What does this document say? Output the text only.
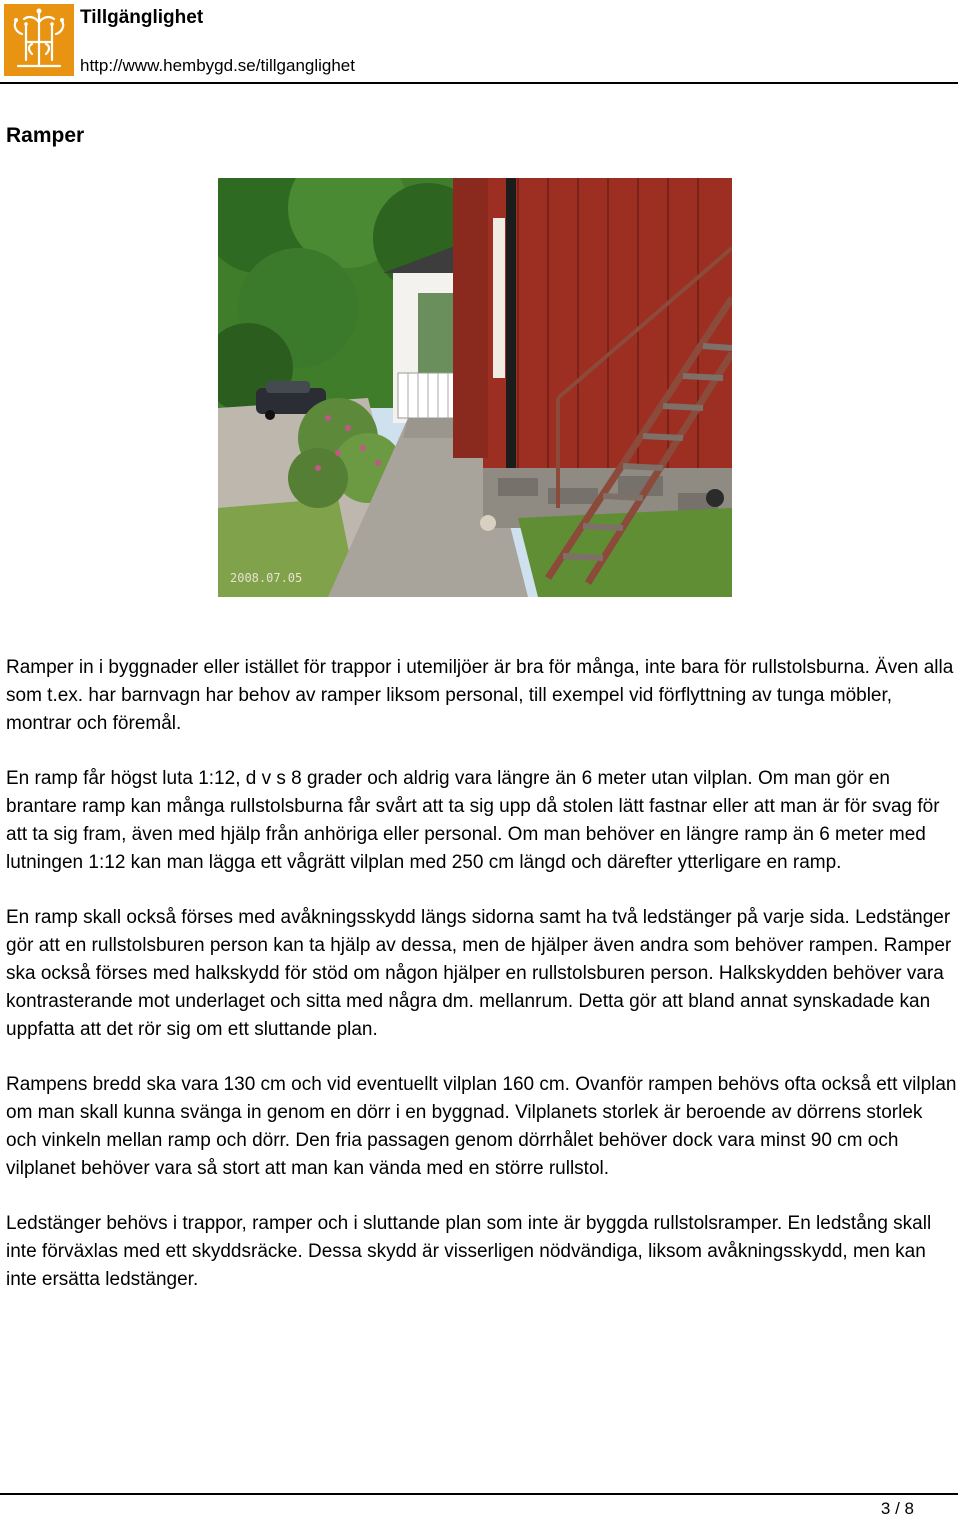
Tillgänglighet
http://www.hembygd.se/tillganglighet
Ramper
2008.07.05

Ramper in i byggnader eller istället för trappor i utemiljöer är bra för många, inte bara för rullstolsburna. Även alla som t.ex. har barnvagn har behov av ramper liksom personal, till exempel vid förflyttning av tunga möbler, montrar och föremål.

En ramp får högst luta 1:12, d v s 8 grader och aldrig vara längre än 6 meter utan vilplan. Om man gör en brantare ramp kan många rullstolsburna får svårt att ta sig upp då stolen lätt fastnar eller att man är för svag för att ta sig fram, även med hjälp från anhöriga eller personal. Om man behöver en längre ramp än 6 meter med lutningen 1:12 kan man lägga ett vågrätt vilplan med 250 cm längd och därefter ytterligare en ramp.

En ramp skall också förses med avåkningsskydd längs sidorna samt ha två ledstänger på varje sida. Ledstänger gör att en rullstolsburen person kan ta hjälp av dessa, men de hjälper även andra som behöver rampen. Ramper ska också förses med halkskydd för stöd om någon hjälper en rullstolsburen person. Halkskydden behöver vara kontrasterande mot underlaget och sitta med några dm. mellanrum. Detta gör att bland annat synskadade kan uppfatta att det rör sig om ett sluttande plan.

Rampens bredd ska vara 130 cm och vid eventuellt vilplan 160 cm. Ovanför rampen behövs ofta också ett vilplan om man skall kunna svänga in genom en dörr i en byggnad. Vilplanets storlek är beroende av dörrens storlek och vinkeln mellan ramp och dörr. Den fria passagen genom dörrhålet behöver dock vara minst 90 cm och vilplanet behöver vara så stort att man kan vända med en större rullstol.

Ledstänger behövs i trappor, ramper och i sluttande plan som inte är byggda rullstolsramper. En ledstång skall inte förväxlas med ett skyddsräcke. Dessa skydd är visserligen nödvändiga, liksom avåkningsskydd, men kan inte ersätta ledstänger.

3 / 8
